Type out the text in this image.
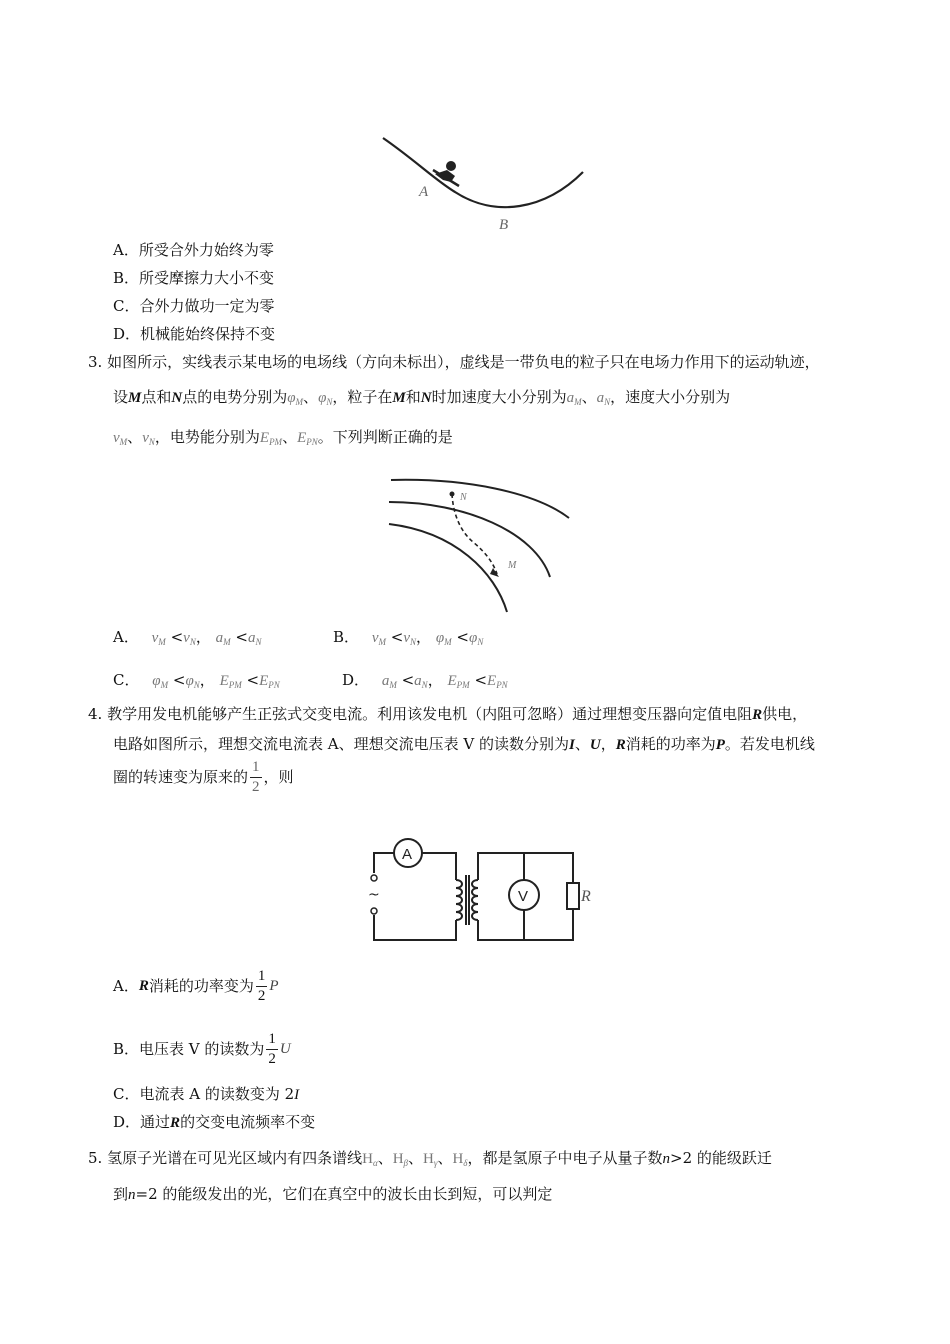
A
B
A．所受合外力始终为零
B．所受摩擦力大小不变
C．合外力做功一定为零
D．机械能始终保持不变
3. 如图所示，实线表示某电场的电场线（方向未标出），虚线是一带负电的粒子只在电场力作用下的运动轨迹，
设M点和N点的电势分别为$\varphi_M$、$\varphi_N$，粒子在M和N时加速度大小分别为$a_M$、$a_N$，速度大小分别为
$v_M$、$v_N$，电势能分别为$E_{PM}$、$E_{PN}$。下列判断正确的是
N
M
A． $v_M <v_N$， $a_M <a_N$	B． $v_M <v_N$， $\varphi_M <\varphi_N$
C． $\varphi_M <\varphi_N$， $E_{PM} <E_{PN}$	D． $a_M <a_N$， $E_{PM} <E_{PN}$
4. 教学用发电机能够产生正弦式交变电流。利用该发电机（内阻可忽略）通过理想变压器向定值电阻R供电，
电路如图所示，理想交流电流表 A、理想交流电压表 V 的读数分别为I、U，R消耗的功率为P。若发电机线
圈的转速变为原来的 $\frac{1}{2}$ ，则
A
V	R
~
A． R 消耗的功率变为 $\frac{1}{2}$ P
B． 电压表 V 的读数为 $\frac{1}{2}$ U
C．电流表 A 的读数变为 2I
D．通过R的交变电流频率不变
5. 氢原子光谱在可见光区域内有四条谱线$H_\alpha$、$H_\beta$、$H_\gamma$、$H_\delta$，都是氢原子中电子从量子数n>2 的能级跃迁
到n=2 的能级发出的光，它们在真空中的波长由长到短，可以判定
